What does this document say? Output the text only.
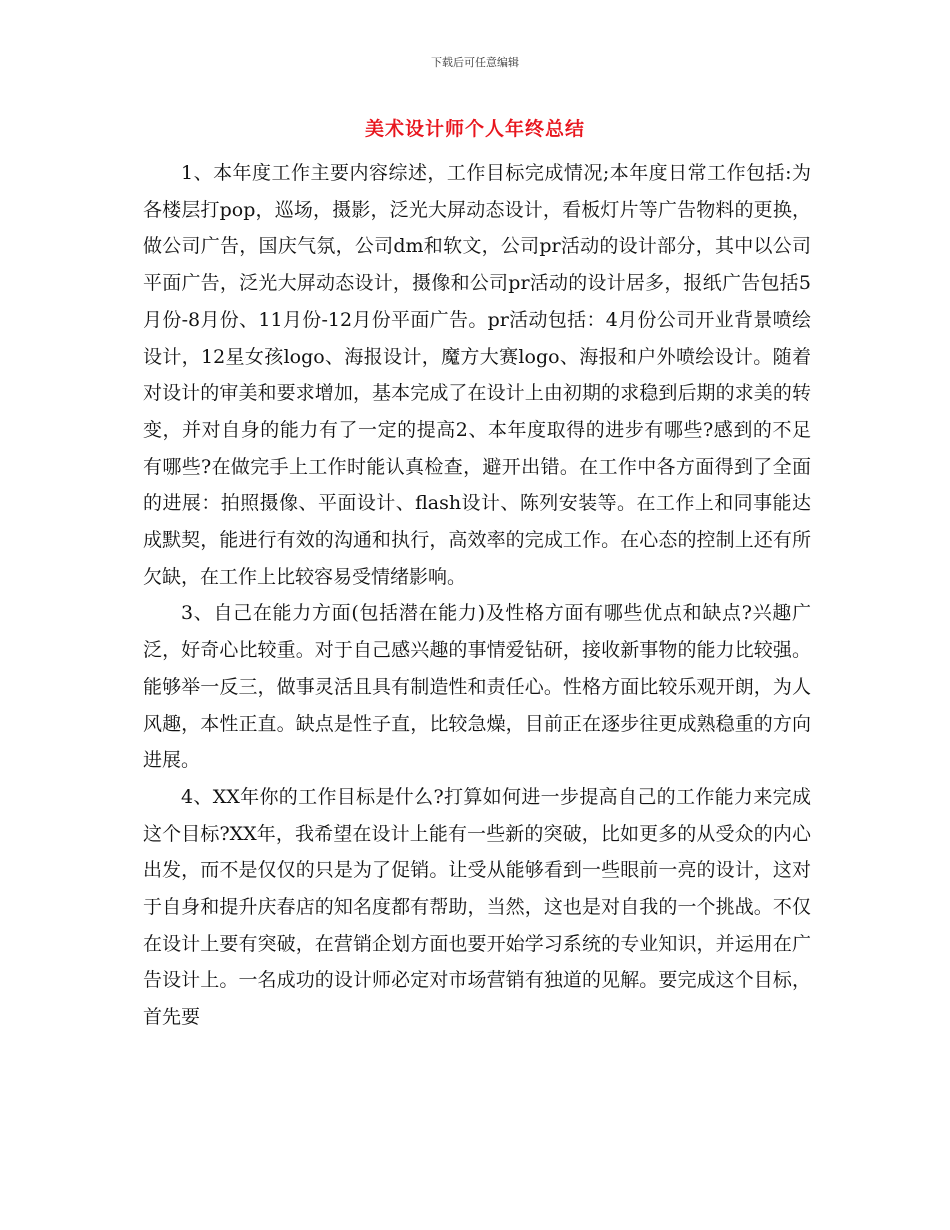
下载后可任意编辑
美术设计师个人年终总结

1、本年度工作主要内容综述，工作目标完成情况;本年度日常工作包括:为各楼层打pop，巡场，摄影，泛光大屏动态设计，看板灯片等广告物料的更换，做公司广告，国庆气氛，公司dm和软文，公司pr活动的设计部分，其中以公司平面广告，泛光大屏动态设计，摄像和公司pr活动的设计居多，报纸广告包括5月份-8月份、11月份-12月份平面广告。pr活动包括：4月份公司开业背景喷绘设计，12星女孩logo、海报设计，魔方大赛logo、海报和户外喷绘设计。随着对设计的审美和要求增加，基本完成了在设计上由初期的求稳到后期的求美的转变，并对自身的能力有了一定的提高2、本年度取得的进步有哪些?感到的不足有哪些?在做完手上工作时能认真检查，避开出错。在工作中各方面得到了全面的进展：拍照摄像、平面设计、flash设计、陈列安装等。在工作上和同事能达成默契，能进行有效的沟通和执行，高效率的完成工作。在心态的控制上还有所欠缺，在工作上比较容易受情绪影响。

3、自己在能力方面(包括潜在能力)及性格方面有哪些优点和缺点?兴趣广泛，好奇心比较重。对于自己感兴趣的事情爱钻研，接收新事物的能力比较强。能够举一反三，做事灵活且具有制造性和责任心。性格方面比较乐观开朗，为人风趣，本性正直。缺点是性子直，比较急燥，目前正在逐步往更成熟稳重的方向进展。

4、XX年你的工作目标是什么?打算如何进一步提高自己的工作能力来完成这个目标?XX年，我希望在设计上能有一些新的突破，比如更多的从受众的内心出发，而不是仅仅的只是为了促销。让受从能够看到一些眼前一亮的设计，这对于自身和提升庆春店的知名度都有帮助，当然，这也是对自我的一个挑战。不仅在设计上要有突破，在营销企划方面也要开始学习系统的专业知识，并运用在广告设计上。一名成功的设计师必定对市场营销有独道的见解。要完成这个目标，首先要
